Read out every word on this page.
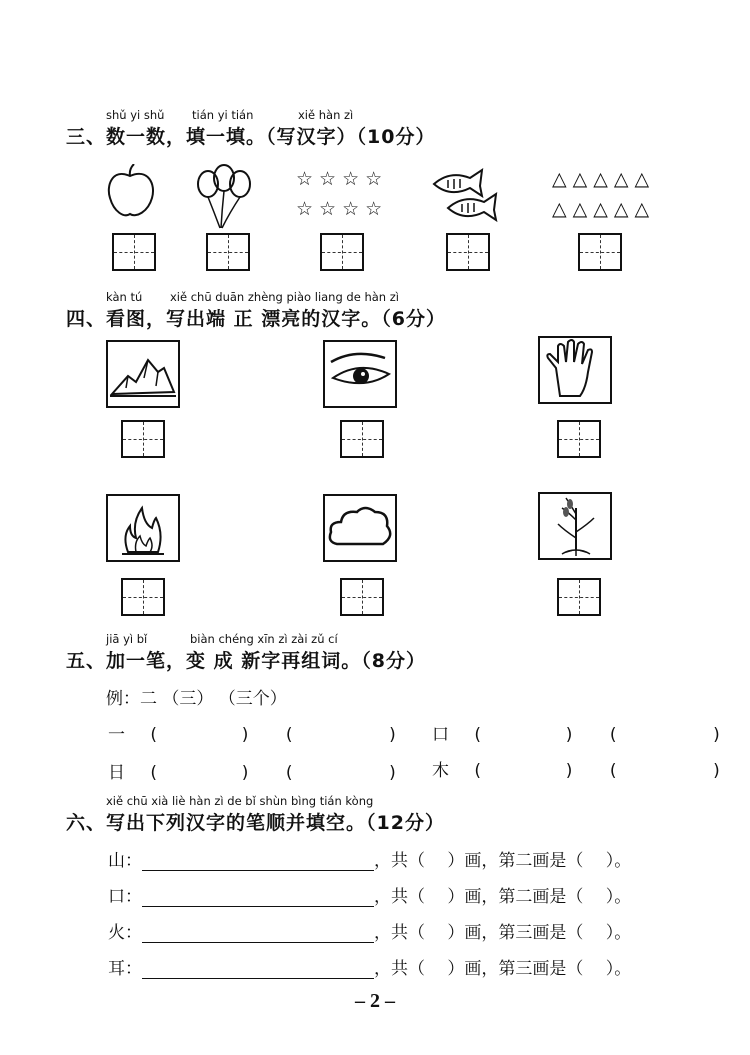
shǔ yi shǔ tián yi tián	xiě hàn zì
三、数一数，填一填。（写汉字）（10分）
☆☆☆☆
☆☆☆☆
△△△△△
△△△△△
kàn tú xiě chū duān zhèng piào liang de hàn zì
四、看图，写出端 正 漂亮的汉字。（6分）
jiā yì bǐ	biàn chéng xīn zì zài zǔ cí
五、加一笔，变 成 新字再组词。（8分）
例：二 （三） （三个）
一 (	) (	) 口 (	) (	)
日 (	) (	) 木 (	) (	)
xiě chū xià liè hàn zì de bǐ shùn bìng tián kòng
六、写出下列汉字的笔顺并填空。（12分）
山：	，共（　 ）画，第二画是（　 ）。
口：	，共（　 ）画，第二画是（　 ）。
火：	，共（　 ）画，第三画是（　 ）。
耳：	，共（　 ）画，第三画是（　 ）。
– 2 –
